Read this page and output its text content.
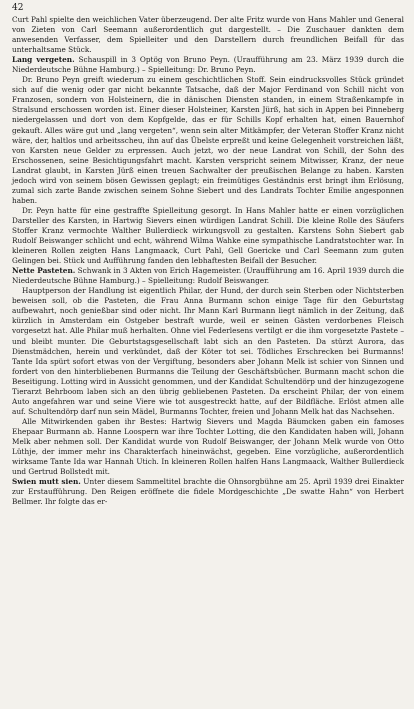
42

Curt Pahl spielte den weichlichen Vater überzeugend. Der alte Fritz wurde von Hans Mahler und General von Zieten von Carl Seemann außerordentlich gut dargestellt. – Die Zuschauer dankten dem anwesenden Verfasser, dem Spielleiter und den Darstellern durch freundlichen Beifall für das unterhaltsame Stück.

Lang vergeten. Schauspill in 3 Optög von Bruno Peyn. (Uraufführung am 23. März 1939 durch die Niederdeutsche Bühne Hamburg.) – Spielleitung: Dr. Bruno Peyn.

Dr. Bruno Peyn greift wiederum zu einem geschichtlichen Stoff. Sein eindrucksvolles Stück gründet sich auf die wenig oder gar nicht bekannte Tatsache, daß der Major Ferdinand von Schill nicht von Franzosen, sondern von Holsteinern, die in dänischen Diensten standen, in einem Straßenkampfe in Stralsund erschossen worden ist. Einer dieser Holsteiner, Karsten Jürß, hat sich in Appen bei Pinneberg niedergelassen und dort von dem Kopfgelde, das er für Schills Kopf erhalten hat, einen Bauernhof gekauft. Alles wäre gut und „lang vergeten“, wenn sein alter Mitkämpfer, der Veteran Stoffer Kranz nicht wäre, der, haltlos und arbeitsscheu, ihn auf das Übelste erpreßt und keine Gelegenheit vorstreichen läßt, von Karsten neue Gelder zu erpressen. Auch jetzt, wo der neue Landrat von Schill, der Sohn des Erschossenen, seine Besichtigungsfahrt macht. Karsten verspricht seinem Mitwisser, Kranz, der neue Landrat glaubt, in Karsten Jürß einen treuen Sachwalter der preußischen Belange zu haben. Karsten jedoch wird von seinem bösen Gewissen geplagt; ein freimütiges Geständnis erst bringt ihm Erlösung, zumal sich zarte Bande zwischen seinem Sohne Siebert und des Landrats Tochter Emilie angesponnen haben.

Dr. Peyn hatte für eine gestraffte Spielleitung gesorgt. In Hans Mahler hatte er einen vorzüglichen Darsteller des Karsten, in Hartwig Sievers einen würdigen Landrat Schill. Die kleine Rolle des Säufers Stoffer Kranz vermochte Walther Bullerdieck wirkungsvoll zu gestalten. Karstens Sohn Siebert gab Rudolf Beiswanger schlicht und echt, während Wilma Wahke eine sympathische Landratstochter war. In kleineren Rollen zeigten Hans Langmaack, Curt Pahl, Gell Goericke und Carl Seemann zum guten Gelingen bei. Stück und Aufführung fanden den lebhaftesten Beifall der Besucher.

Nette Pasteten. Schwank in 3 Akten von Erich Hagemeister. (Uraufführung am 16. April 1939 durch die Niederdeutsche Bühne Hamburg.) – Spielleitung: Rudolf Beiswanger.

Hauptperson der Handlung ist eigentlich Philar, der Hund, der durch sein Sterben oder Nichtsterben beweisen soll, ob die Pasteten, die Frau Anna Burmann schon einige Tage für den Geburtstag aufbewahrt, noch genießbar sind oder nicht. Ihr Mann Karl Burmann liegt nämlich in der Zeitung, daß kürzlich in Amsterdam ein Ostgeber bestraft wurde, weil er seinen Gästen verdorbenes Fleisch vorgesetzt hat. Alle Philar muß herhalten. Ohne viel Federlesens vertilgt er die ihm vorgesetzte Pastete – und bleibt munter. Die Geburtstagsgesellschaft labt sich an den Pasteten. Da stürzt Aurora, das Dienstmädchen, herein und verkündet, daß der Köter tot sei. Tödliches Erschrecken bei Burmanns! Tante Ida spürt sofort etwas von der Vergiftung, besonders aber Johann Melk ist schier von Sinnen und fordert von den hinterbliebenen Burmanns die Teilung der Geschäftsbücher. Burmann macht schon die Beseitigung. Lotting wird in Aussicht genommen, und der Kandidat Schultendörp und der hinzugezogene Tierarzt Behrboom laben sich an den übrig gebliebenen Pasteten. Da erscheint Philar, der von einem Auto angefahren war und seine Viere wie tot ausgestreckt hatte, auf der Bildfläche. Erlöst atmen alle auf. Schultendörp darf nun sein Mädel, Burmanns Tochter, freien und Johann Melk hat das Nachsehen.

Alle Mitwirkenden gaben ihr Bestes: Hartwig Sievers und Magda Bäumcken gaben ein famoses Ehepaar Burmann ab. Hanne Loospern war ihre Tochter Lotting, die den Kandidaten haben will, Johann Melk aber nehmen soll. Der Kandidat wurde von Rudolf Beiswanger, der Johann Melk wurde von Otto Lüthje, der immer mehr ins Charakterfach hineinwächst, gegeben. Eine vorzügliche, außerordentlich wirksame Tante Ida war Hannah Utich. In kleineren Rollen halfen Hans Langmaack, Walther Bullerdieck und Gertrud Bollstedt mit.

Swien mutt sien. Unter diesem Sammeltitel brachte die Ohnsorgbühne am 25. April 1939 drei Einakter zur Erstaufführung. Den Reigen eröffnete die fidele Mordgeschichte „De swatte Hahn“ von Herbert Bellmer. Ihr folgte das er-
